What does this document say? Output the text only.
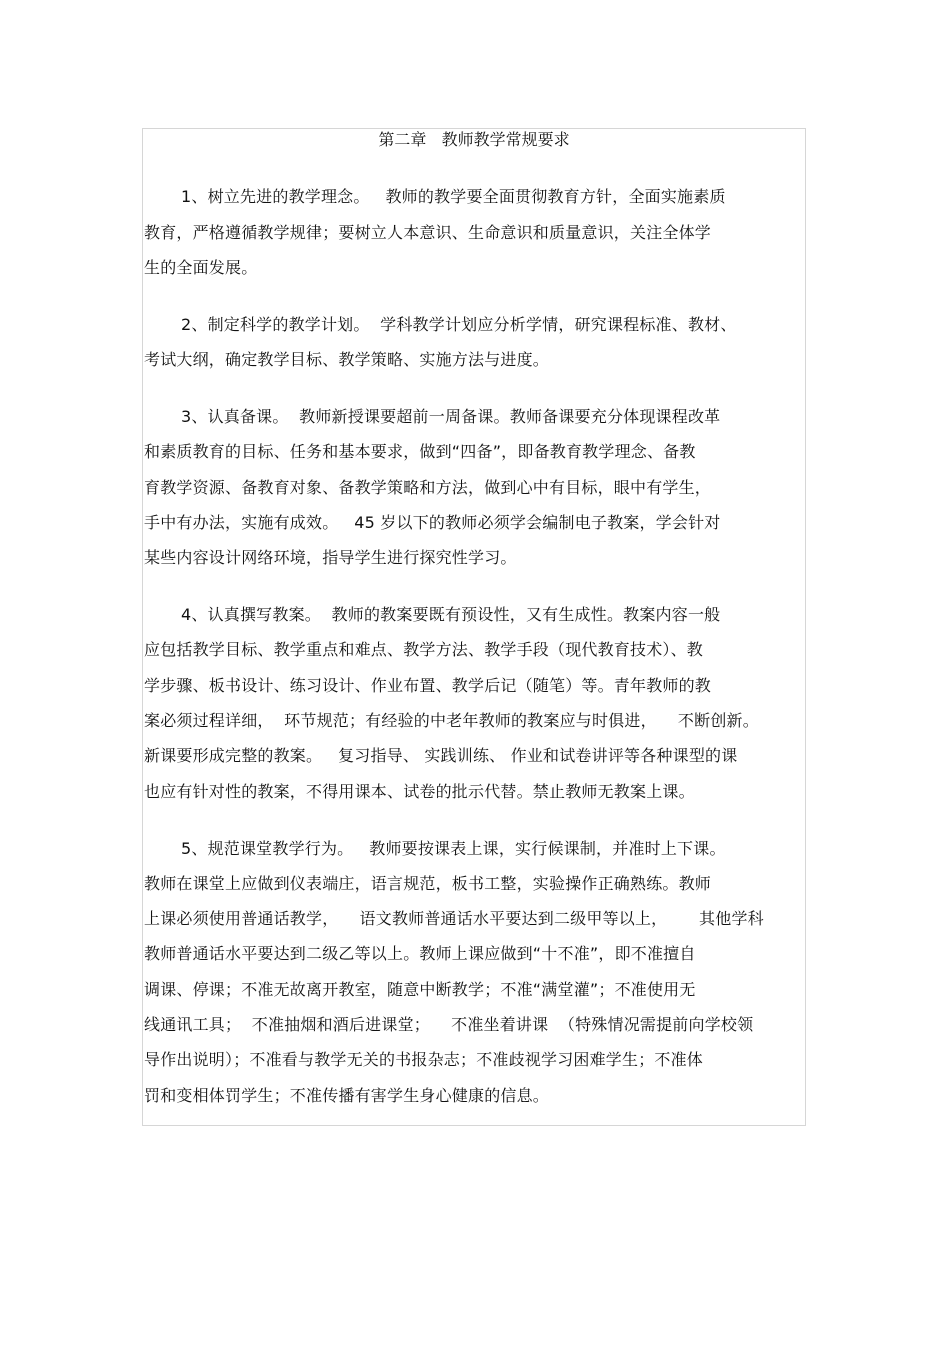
第二章   教师教学常规要求
1、树立先进的教学理念。   教师的教学要全面贯彻教育方针，全面实施素质
教育，严格遵循教学规律；要树立人本意识、生命意识和质量意识，关注全体学
生的全面发展。
2、制定科学的教学计划。  学科教学计划应分析学情，研究课程标准、教材、
考试大纲，确定教学目标、教学策略、实施方法与进度。
3、认真备课。  教师新授课要超前一周备课。教师备课要充分体现课程改革
和素质教育的目标、任务和基本要求，做到“四备”，即备教育教学理念、备教
育教学资源、备教育对象、备教学策略和方法，做到心中有目标，眼中有学生，
手中有办法，实施有成效。   45 岁以下的教师必须学会编制电子教案，学会针对
某些内容设计网络环境，指导学生进行探究性学习。
4、认真撰写教案。  教师的教案要既有预设性，又有生成性。教案内容一般
应包括教学目标、教学重点和难点、教学方法、教学手段（现代教育技术）、教
学步骤、板书设计、练习设计、作业布置、教学后记（随笔）等。青年教师的教
案必须过程详细，  环节规范；有经验的中老年教师的教案应与时俱进，    不断创新。
新课要形成完整的教案。   复习指导、 实践训练、 作业和试卷讲评等各种课型的课
也应有针对性的教案，不得用课本、试卷的批示代替。禁止教师无教案上课。
5、规范课堂教学行为。   教师要按课表上课，实行候课制，并准时上下课。
教师在课堂上应做到仪表端庄，语言规范，板书工整，实验操作正确熟练。教师
上课必须使用普通话教学，    语文教师普通话水平要达到二级甲等以上，      其他学科
教师普通话水平要达到二级乙等以上。教师上课应做到“十不准”，即不准擅自
调课、停课；不准无故离开教室，随意中断教学；不准“满堂灌”；不准使用无
线通讯工具；  不准抽烟和酒后进课堂；    不准坐着讲课  （特殊情况需提前向学校领
导作出说明）；不准看与教学无关的书报杂志；不准歧视学习困难学生；不准体
罚和变相体罚学生；不准传播有害学生身心健康的信息。
